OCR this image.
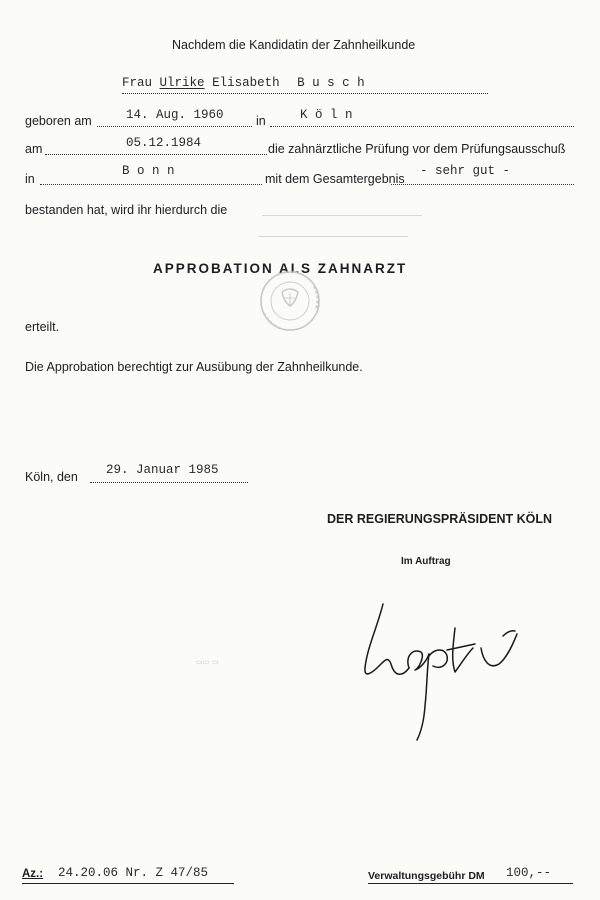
Nachdem die Kandidatin der Zahnheilkunde
Frau Ulrike Elisabeth B u s c h
geboren am	14. Aug. 1960	in	K ö l n
am	05.12.1984	die zahnärztliche Prüfung vor dem Prüfungsausschuß
in
B o n n
mit dem Gesamtergebnis
- sehr gut -
bestanden hat, wird ihr hierdurch die
APPROBATION ALS ZAHNARZT
erteilt.
Die Approbation berechtigt zur Ausübung der Zahnheilkunde.
Köln, den 29. Januar 1985
DER REGIERUNGSPRÄSIDENT KÖLN
Im Auftrag
▭▭ ▭
Az.: 24.20.06 Nr. Z 47/85	Verwaltungsgebühr DM 100,--
